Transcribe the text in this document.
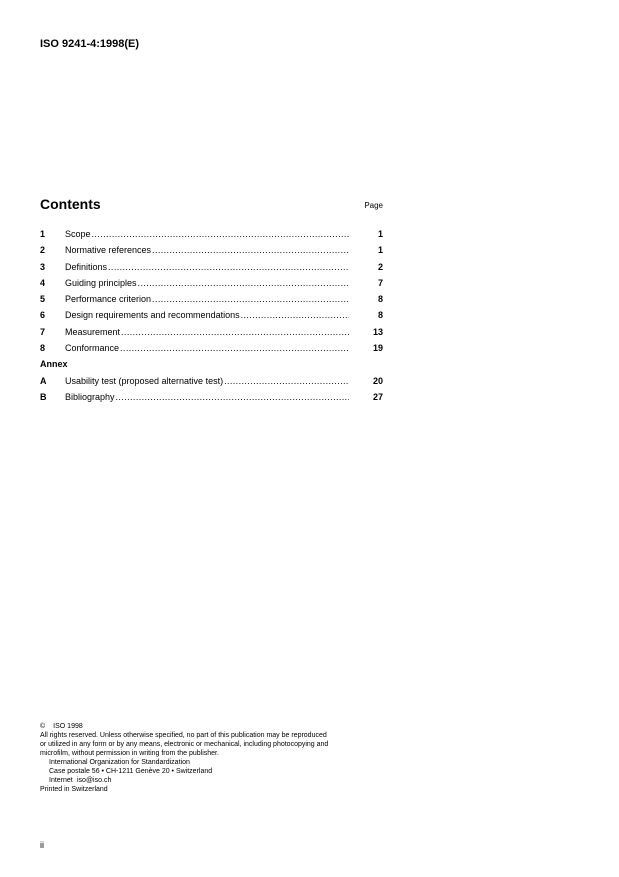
ISO 9241-4:1998(E)
Contents	Page
1 Scope .....	1
2 Normative references .....	1
3 Definitions .....	2
4 Guiding principles .....	7
5 Performance criterion .....	8
6 Design requirements and recommendations .....	8
7 Measurement .....	13
8 Conformance .....	19
Annex
A Usability test (proposed alternative test) .....	20
B Bibliography .....	27
© ISO 1998
All rights reserved. Unless otherwise specified, no part of this publication may be reproduced
or utilized in any form or by any means, electronic or mechanical, including photocopying and
microfilm, without permission in writing from the publisher.
International Organization for Standardization
Case postale 56 • CH-1211 Genève 20 • Switzerland
Internet iso@iso.ch
Printed in Switzerland
ii
